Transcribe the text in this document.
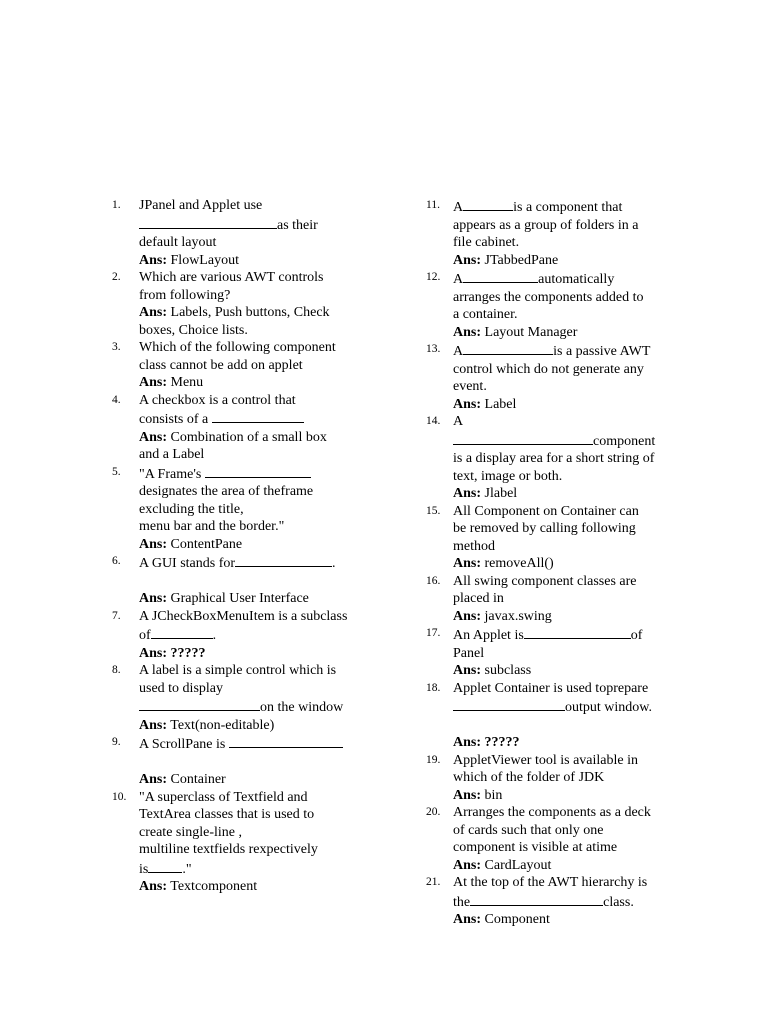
1.	JPanel and Applet use
as their
default layout
Ans: FlowLayout
2.	Which are various AWT controls
from following?
Ans: Labels, Push buttons, Check
boxes, Choice lists.
3.	Which of the following component
class cannot be add on applet
Ans: Menu
4.	A checkbox is a control that
consists of a
Ans: Combination of a small box
and a Label
5.	"A Frame's
designates the area of theframe
excluding the title,
menu bar and the border."
Ans: ContentPane
6.	A GUI stands for	.
Ans: Graphical User Interface
7.	A JCheckBoxMenuItem is a subclass
of	.
Ans: ?????
8.	A label is a simple control which is
used to display
on the window
Ans: Text(non-editable)
9.	A ScrollPane is
Ans: Container
10. "A superclass of Textfield and
TextArea classes that is used to
create single-line ,
multiline textfields rexpectively
is ."
Ans: Textcomponent
11. A	is a component that
appears as a group of folders in a
file cabinet.
Ans: JTabbedPane
12. A	automatically
arranges the components added to
a container.
Ans: Layout Manager
13. A	is a passive AWT
control which do not generate any
event.
Ans: Label
14. A
component
is a display area for a short string of
text, image or both.
Ans: Jlabel
15. All Component on Container can
be removed by calling following
method
Ans: removeAll()
16. All swing component classes are
placed in
Ans: javax.swing
17. An Applet is	of
Panel
Ans: subclass
18. Applet Container is used toprepare
output window.
Ans: ?????
19. AppletViewer tool is available in
which of the folder of JDK
Ans: bin
20. Arranges the components as a deck
of cards such that only one
component is visible at atime
Ans: CardLayout
21. At the top of the AWT hierarchy is
the	class.
Ans: Component
